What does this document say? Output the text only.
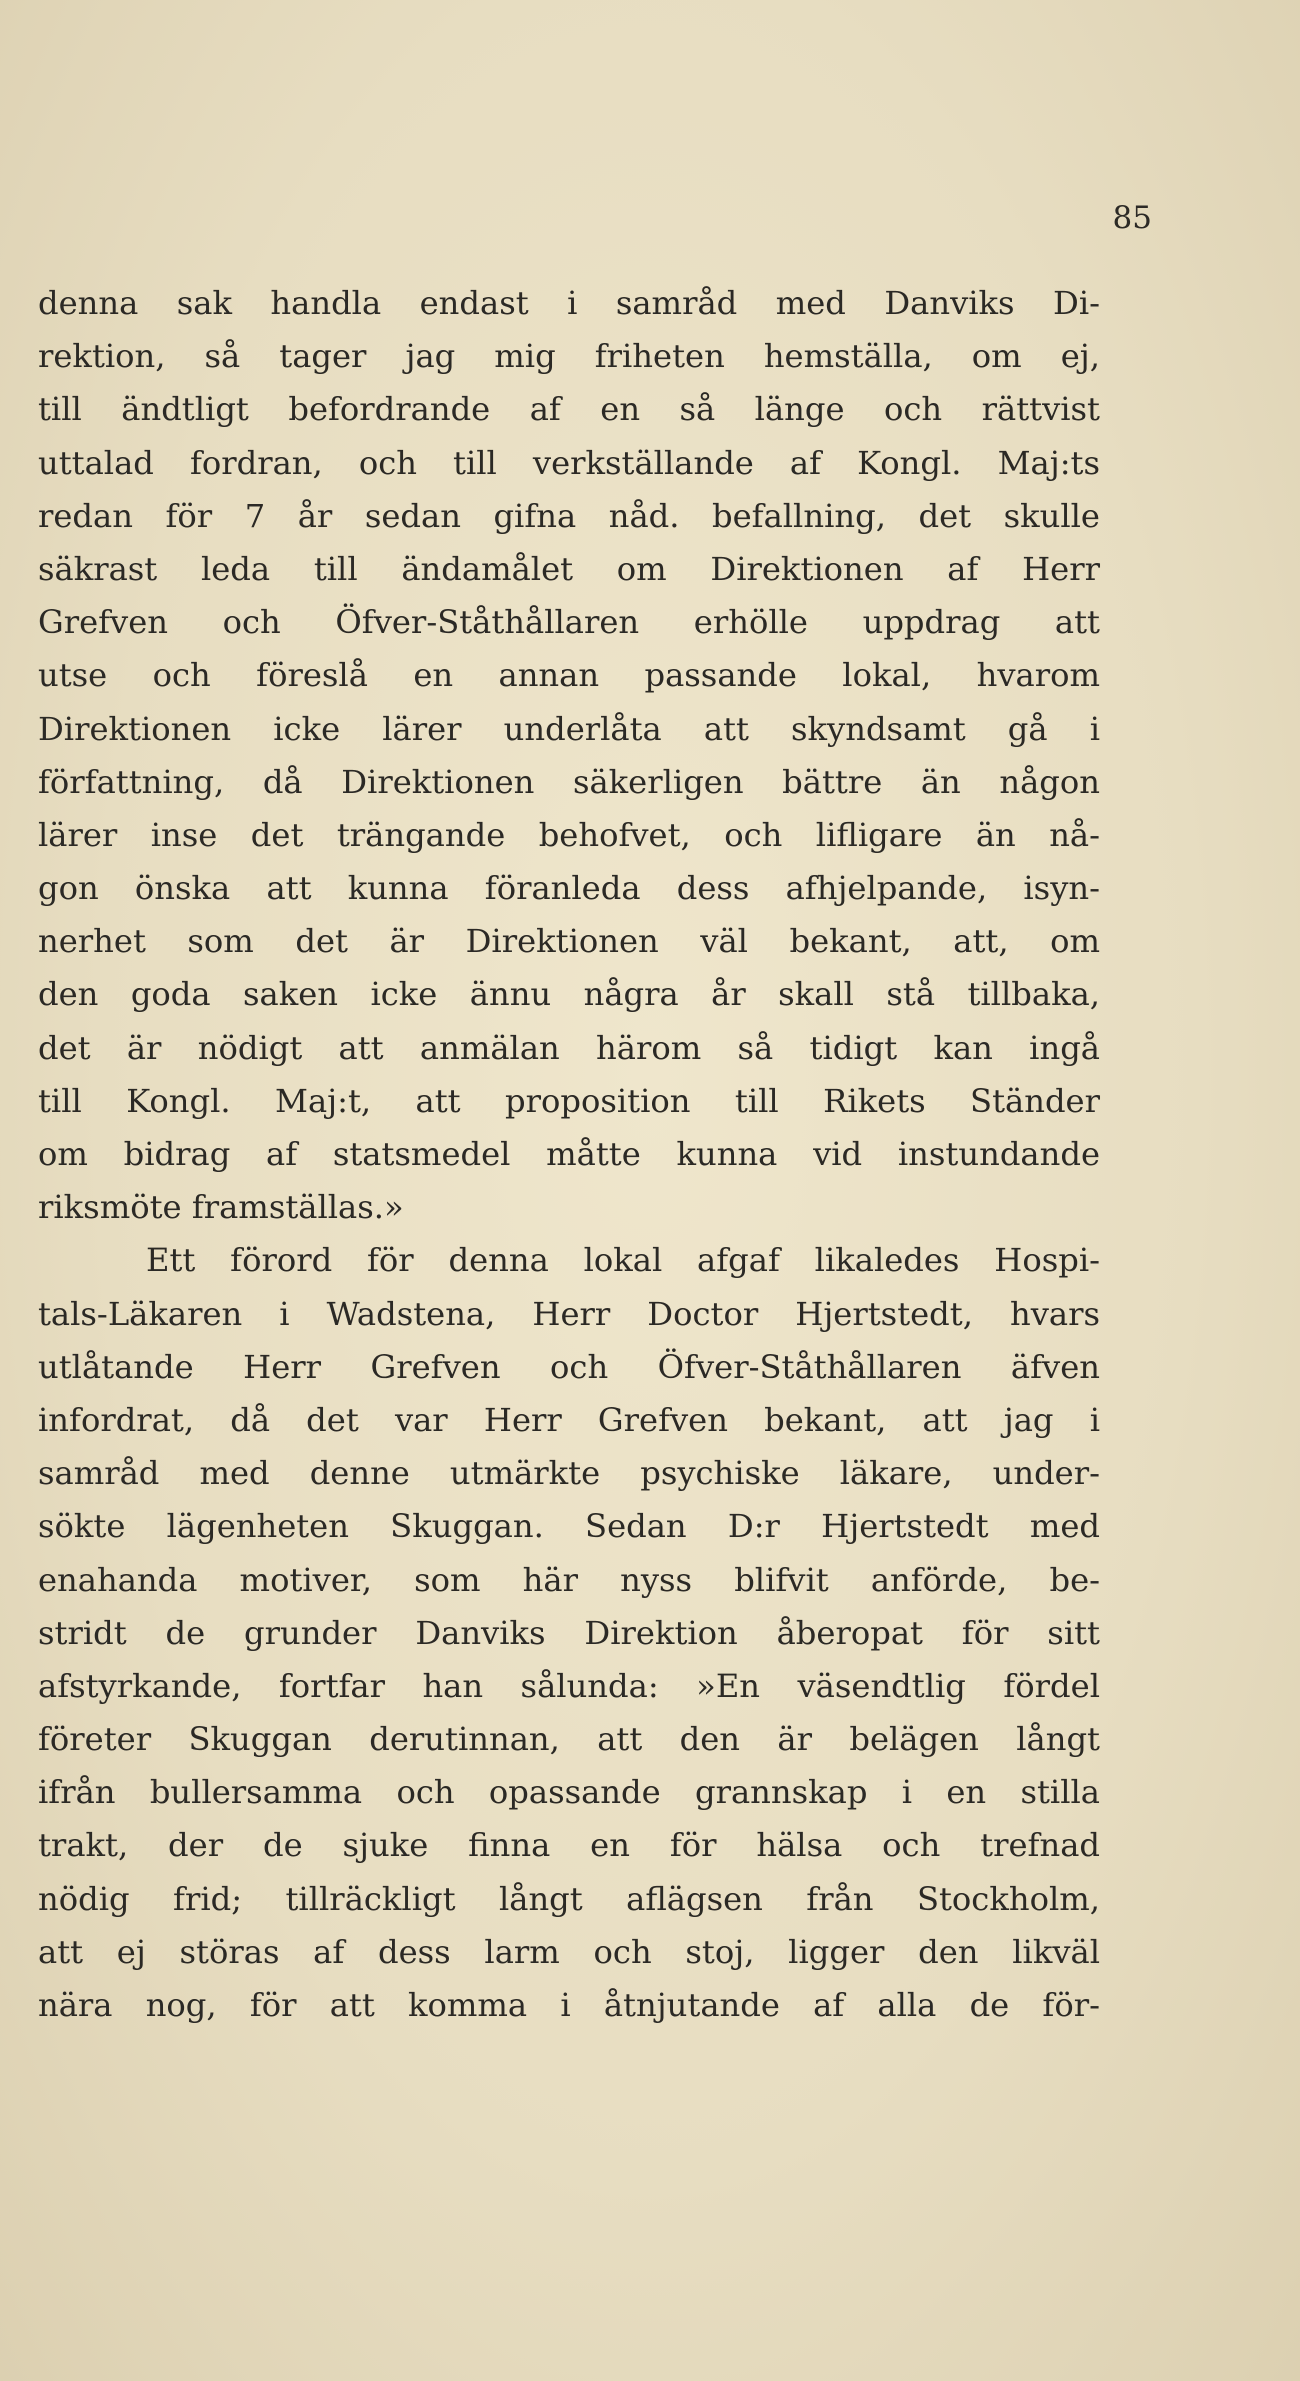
85
denna sak handla endast i samråd med Danviks Di-
rektion, så tager jag mig friheten hemställa, om ej,
till ändtligt befordrande af en så länge och rättvist
uttalad fordran, och till verkställande af Kongl. Maj:ts
redan för 7 år sedan gifna nåd. befallning, det skulle
säkrast leda till ändamålet om Direktionen af Herr
Grefven och Öfver-Ståthållaren erhölle uppdrag att
utse och föreslå en annan passande lokal, hvarom
Direktionen icke lärer underlåta att skyndsamt gå i
författning, då Direktionen säkerligen bättre än någon
lärer inse det trängande behofvet, och lifligare än nå-
gon önska att kunna föranleda dess afhjelpande, isyn-
nerhet som det är Direktionen väl bekant, att, om
den goda saken icke ännu några år skall stå tillbaka,
det är nödigt att anmälan härom så tidigt kan ingå
till Kongl. Maj:t, att proposition till Rikets Ständer
om bidrag af statsmedel måtte kunna vid instundande
riksmöte framställas.»
Ett förord för denna lokal afgaf likaledes Hospi-
tals-Läkaren i Wadstena, Herr Doctor Hjertstedt, hvars
utlåtande Herr Grefven och Öfver-Ståthållaren äfven
infordrat, då det var Herr Grefven bekant, att jag i
samråd med denne utmärkte psychiske läkare, under-
sökte lägenheten Skuggan. Sedan D:r Hjertstedt med
enahanda motiver, som här nyss blifvit anförde, be-
stridt de grunder Danviks Direktion åberopat för sitt
afstyrkande, fortfar han sålunda: »En väsendtlig fördel
företer Skuggan derutinnan, att den är belägen långt
ifrån bullersamma och opassande grannskap i en stilla
trakt, der de sjuke finna en för hälsa och trefnad
nödig frid; tillräckligt långt aflägsen från Stockholm,
att ej störas af dess larm och stoj, ligger den likväl
nära nog, för att komma i åtnjutande af alla de för-
